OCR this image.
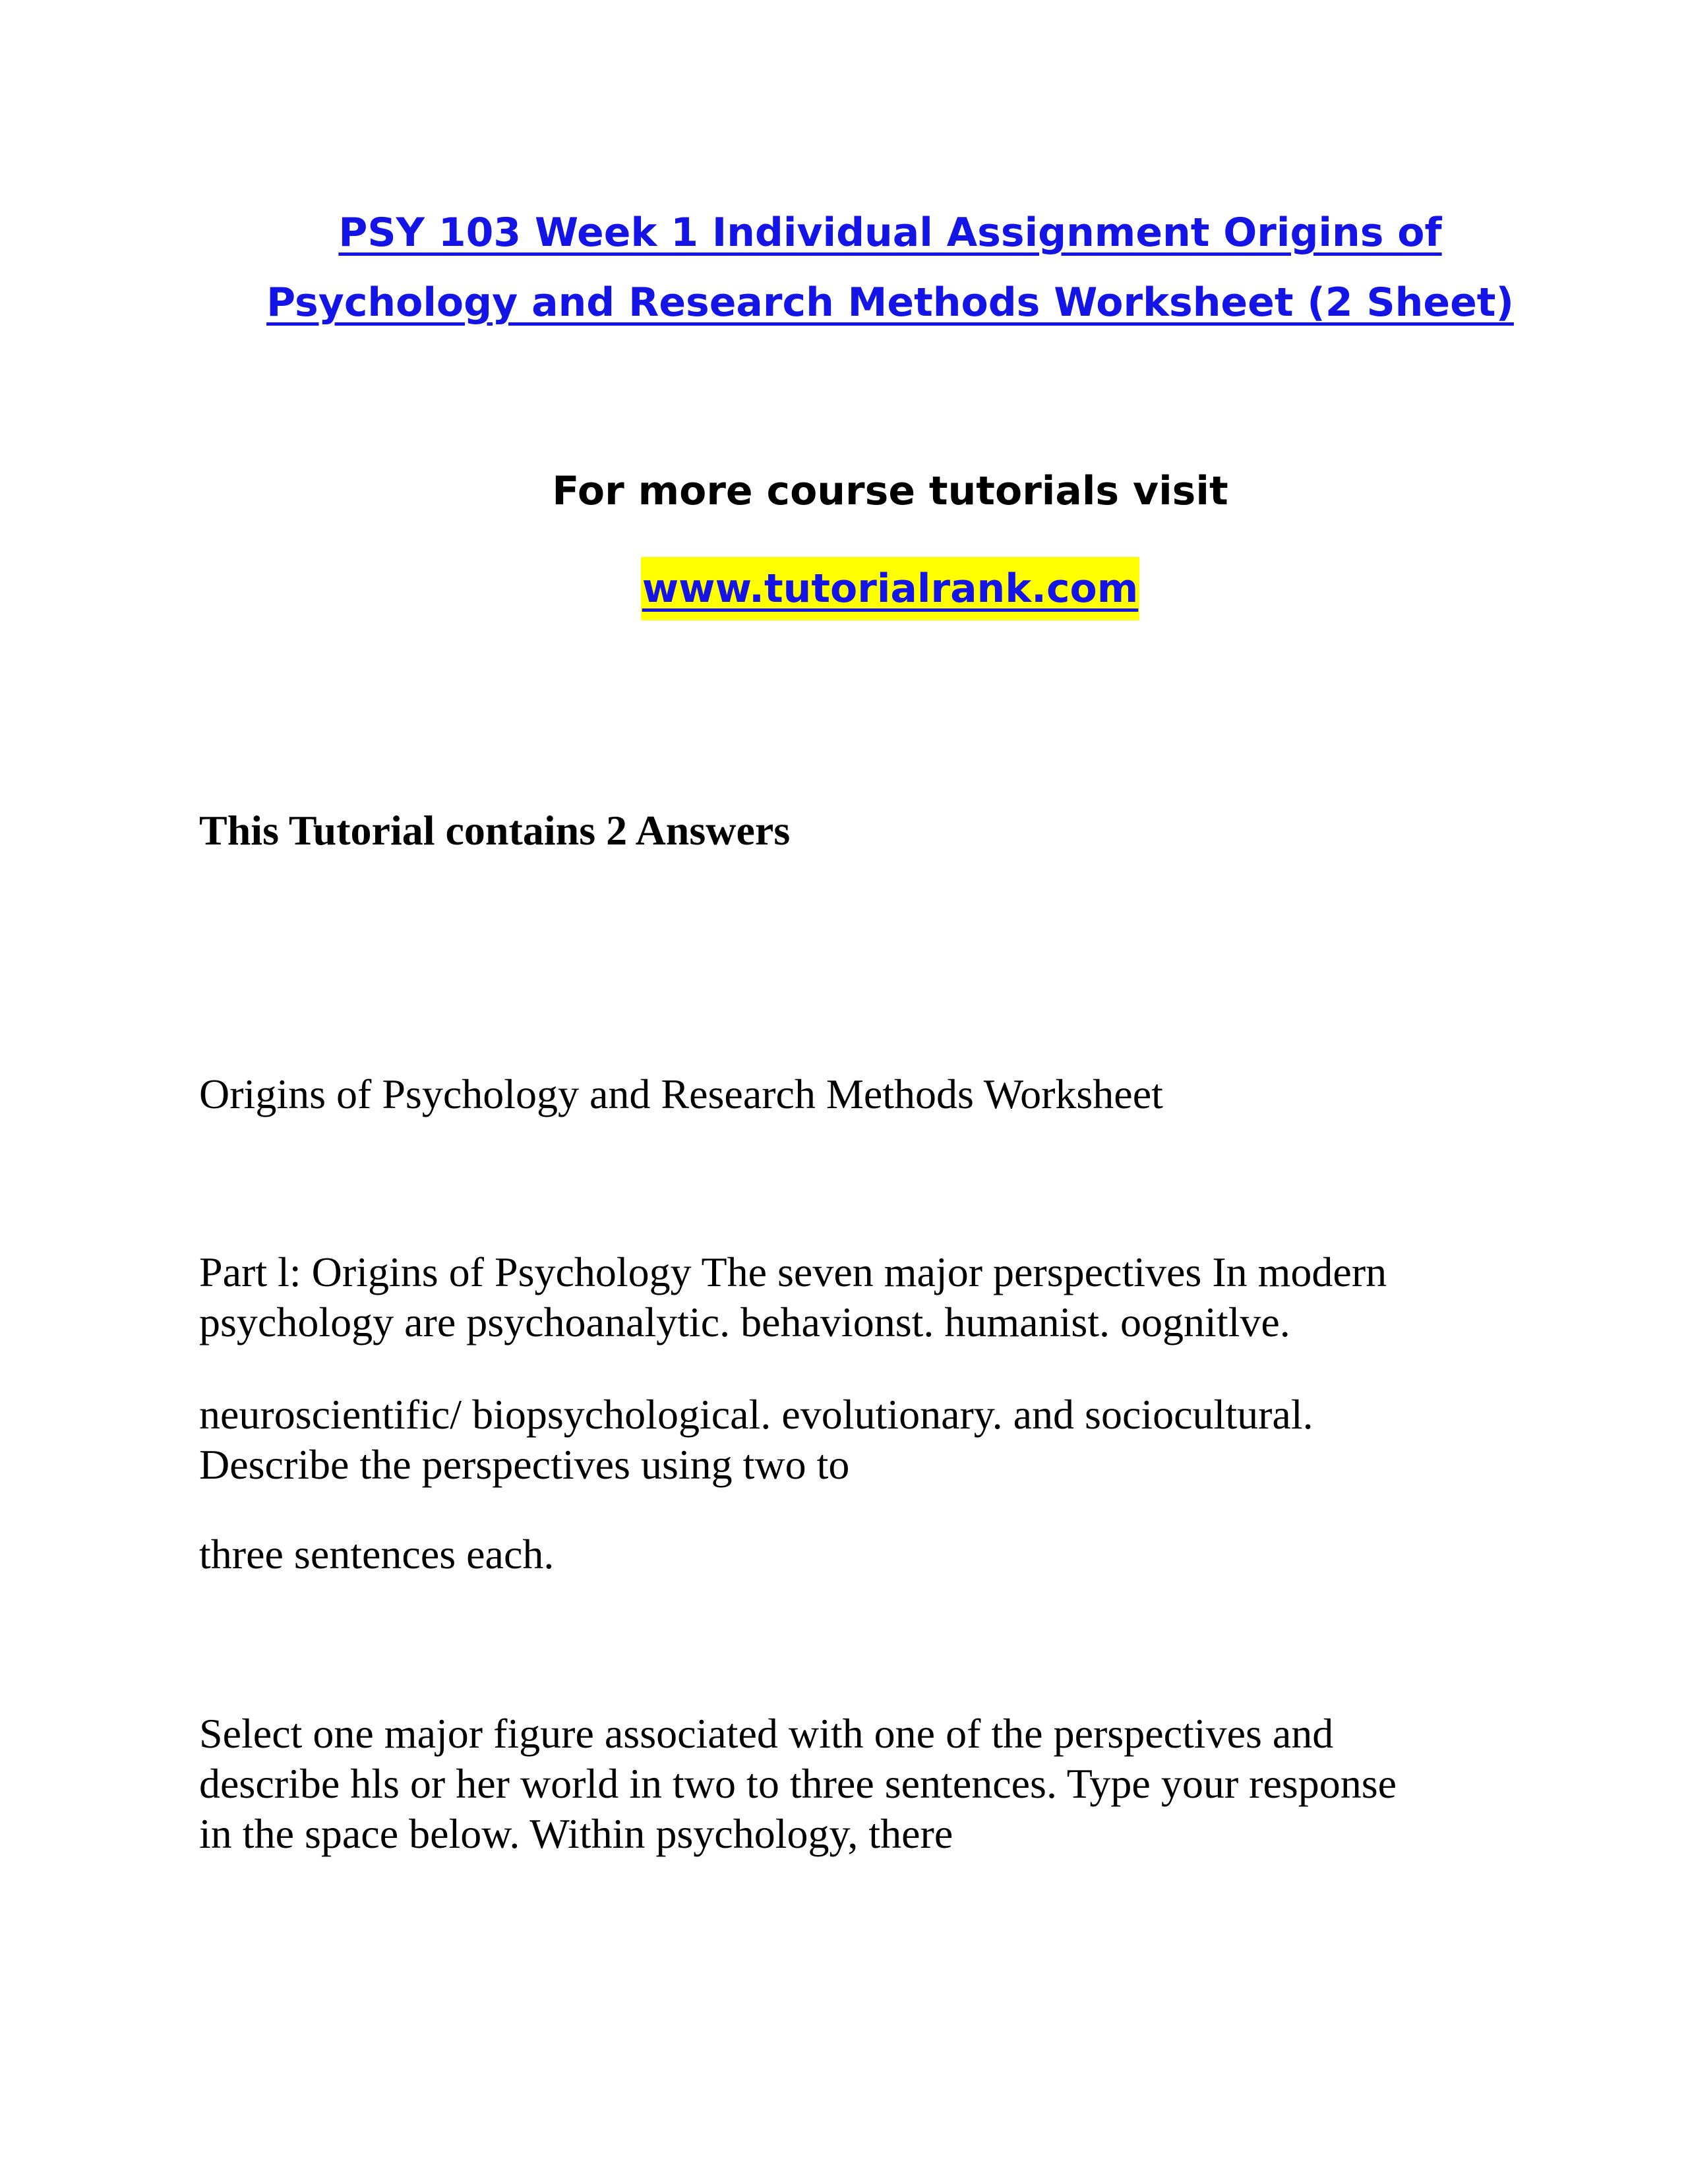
PSY 103 Week 1 Individual Assignment Origins of
Psychology and Research Methods Worksheet (2 Sheet)
For more course tutorials visit
www.tutorialrank.com
This Tutorial contains 2 Answers
Origins of Psychology and Research Methods Worksheet
Part l: Origins of Psychology The seven major perspectives In modern
psychology are psychoanalytic. behavionst. humanist. oognitlve.
neuroscientific/ biopsychological. evolutionary. and sociocultural.
Describe the perspectives using two to
three sentences each.
Select one major figure associated with one of the perspectives and
describe hls or her world in two to three sentences. Type your response
in the space below. Within psychology, there
